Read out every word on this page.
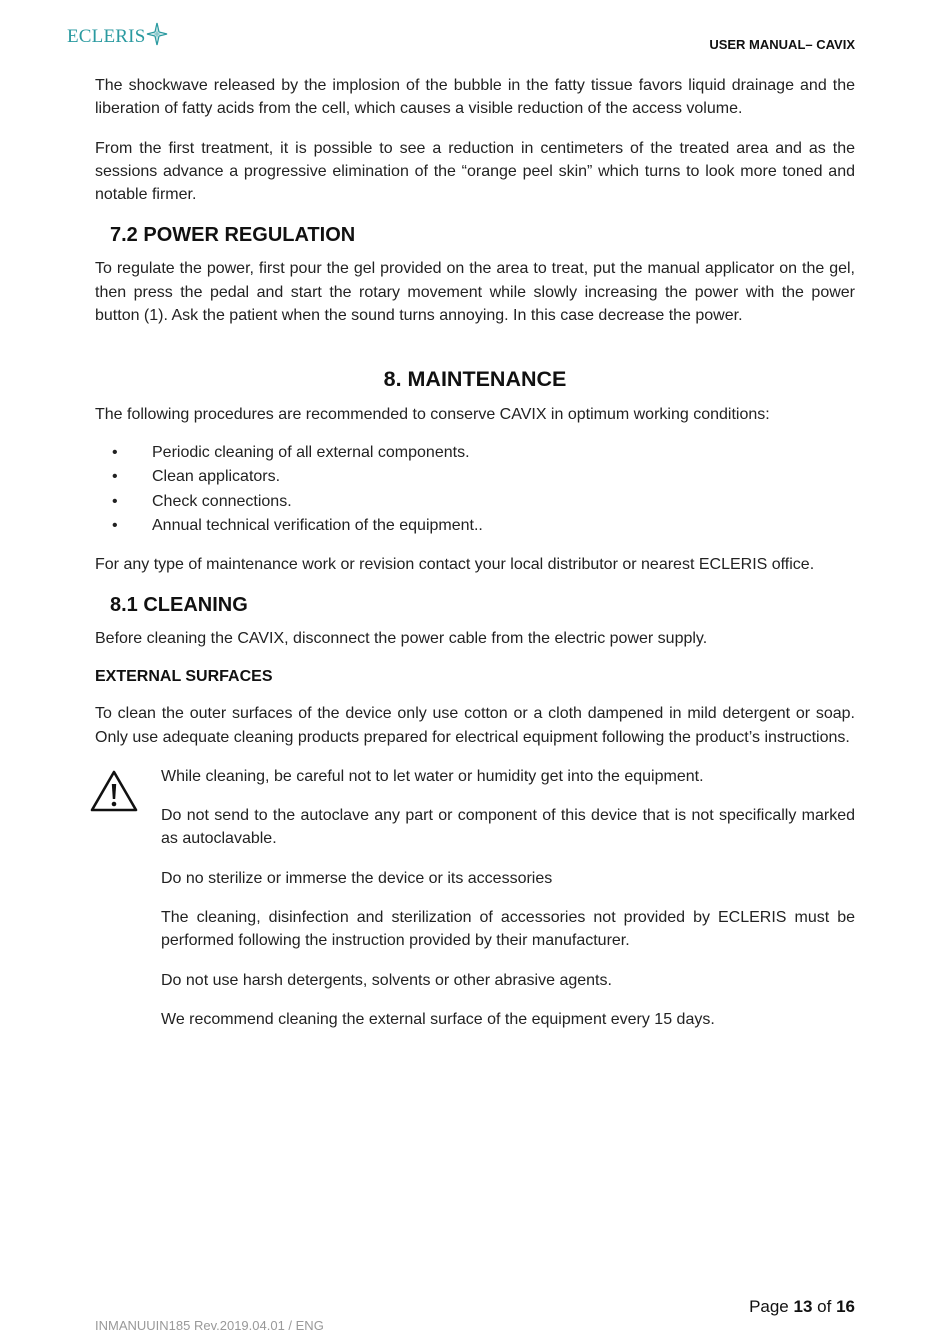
ECLERIS	USER MANUAL– CAVIX

The shockwave released by the implosion of the bubble in the fatty tissue favors liquid drainage and the liberation of fatty acids from the cell, which causes a visible reduction of the access volume.

From the first treatment, it is possible to see a reduction in centimeters of the treated area and as the sessions advance a progressive elimination of the “orange peel skin” which turns to look more toned and notable firmer.

7.2 POWER REGULATION

To regulate the power, first pour the gel provided on the area to treat, put the manual applicator on the gel, then press the pedal and start the rotary movement while slowly increasing the power with the power button (1). Ask the patient when the sound turns annoying. In this case decrease the power.

8. MAINTENANCE

The following procedures are recommended to conserve CAVIX in optimum working conditions:

• Periodic cleaning of all external components.
• Clean applicators.
• Check connections.
• Annual technical verification of the equipment..

For any type of maintenance work or revision contact your local distributor or nearest ECLERIS office.

8.1 CLEANING

Before cleaning the CAVIX, disconnect the power cable from the electric power supply.

EXTERNAL SURFACES

To clean the outer surfaces of the device only use cotton or a cloth dampened in mild detergent or soap. Only use adequate cleaning products prepared for electrical equipment following the product’s instructions.

While cleaning, be careful not to let water or humidity get into the equipment.

Do not send to the autoclave any part or component of this device that is not specifically marked as autoclavable.

Do no sterilize or immerse the device or its accessories

The cleaning, disinfection and sterilization of accessories not provided by ECLERIS must be performed following the instruction provided by their manufacturer.

Do not use harsh detergents, solvents or other abrasive agents.

We recommend cleaning the external surface of the equipment every 15 days.

Page 13 of 16
INMANUUIN185 Rev.2019.04.01 / ENG
